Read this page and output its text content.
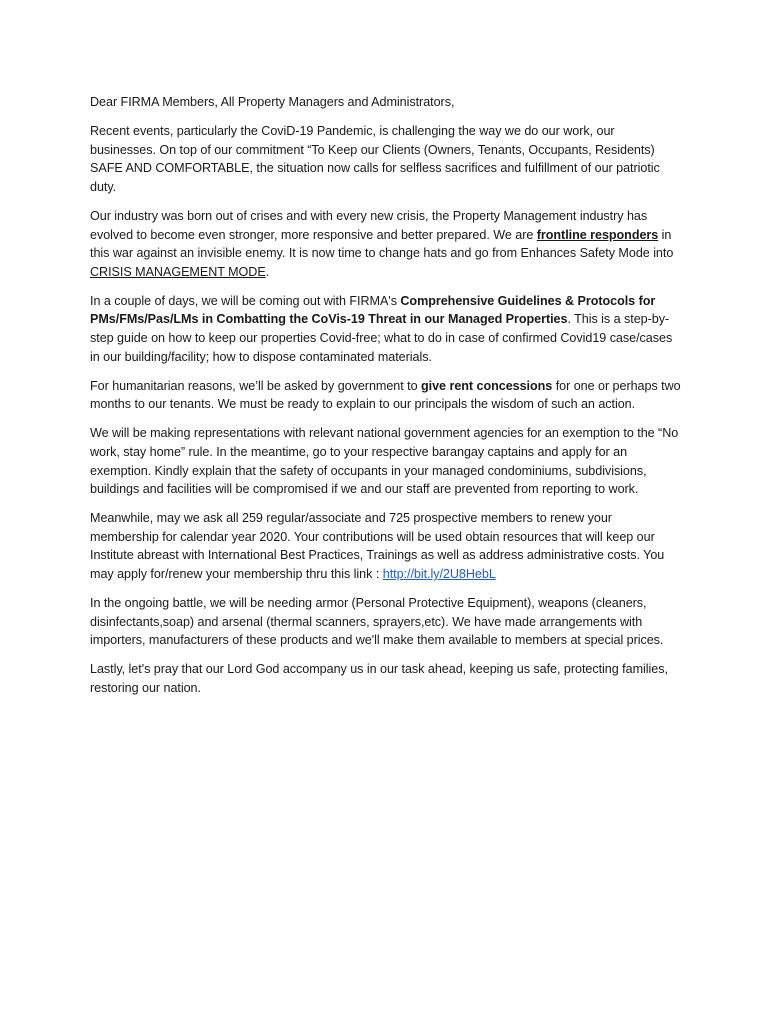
Dear FIRMA Members, All Property Managers and Administrators,

Recent events, particularly the CoviD-19 Pandemic, is challenging the way we do our work, our businesses. On top of our commitment “To Keep our Clients (Owners, Tenants, Occupants, Residents) SAFE AND COMFORTABLE, the situation now calls for selfless sacrifices and fulfillment of our patriotic duty.

Our industry was born out of crises and with every new crisis, the Property Management industry has evolved to become even stronger, more responsive and better prepared. We are frontline responders in this war against an invisible enemy. It is now time to change hats and go from Enhances Safety Mode into CRISIS MANAGEMENT MODE.

In a couple of days, we will be coming out with FIRMA's Comprehensive Guidelines & Protocols for PMs/FMs/Pas/LMs in Combatting the CoVis-19 Threat in our Managed Properties. This is a step-by-step guide on how to keep our properties Covid-free; what to do in case of confirmed Covid19 case/cases in our building/facility; how to dispose contaminated materials.

For humanitarian reasons, we’ll be asked by government to give rent concessions for one or perhaps two months to our tenants. We must be ready to explain to our principals the wisdom of such an action.

We will be making representations with relevant national government agencies for an exemption to the “No work, stay home” rule. In the meantime, go to your respective barangay captains and apply for an exemption. Kindly explain that the safety of occupants in your managed condominiums, subdivisions, buildings and facilities will be compromised if we and our staff are prevented from reporting to work.

Meanwhile, may we ask all 259 regular/associate and 725 prospective members to renew your membership for calendar year 2020. Your contributions will be used obtain resources that will keep our Institute abreast with International Best Practices, Trainings as well as address administrative costs. You may apply for/renew your membership thru this link : http://bit.ly/2U8HebL

In the ongoing battle, we will be needing armor (Personal Protective Equipment), weapons (cleaners, disinfectants,soap) and arsenal (thermal scanners, sprayers,etc). We have made arrangements with importers, manufacturers of these products and we'll make them available to members at special prices.

Lastly, let's pray that our Lord God accompany us in our task ahead, keeping us safe, protecting families, restoring our nation.
